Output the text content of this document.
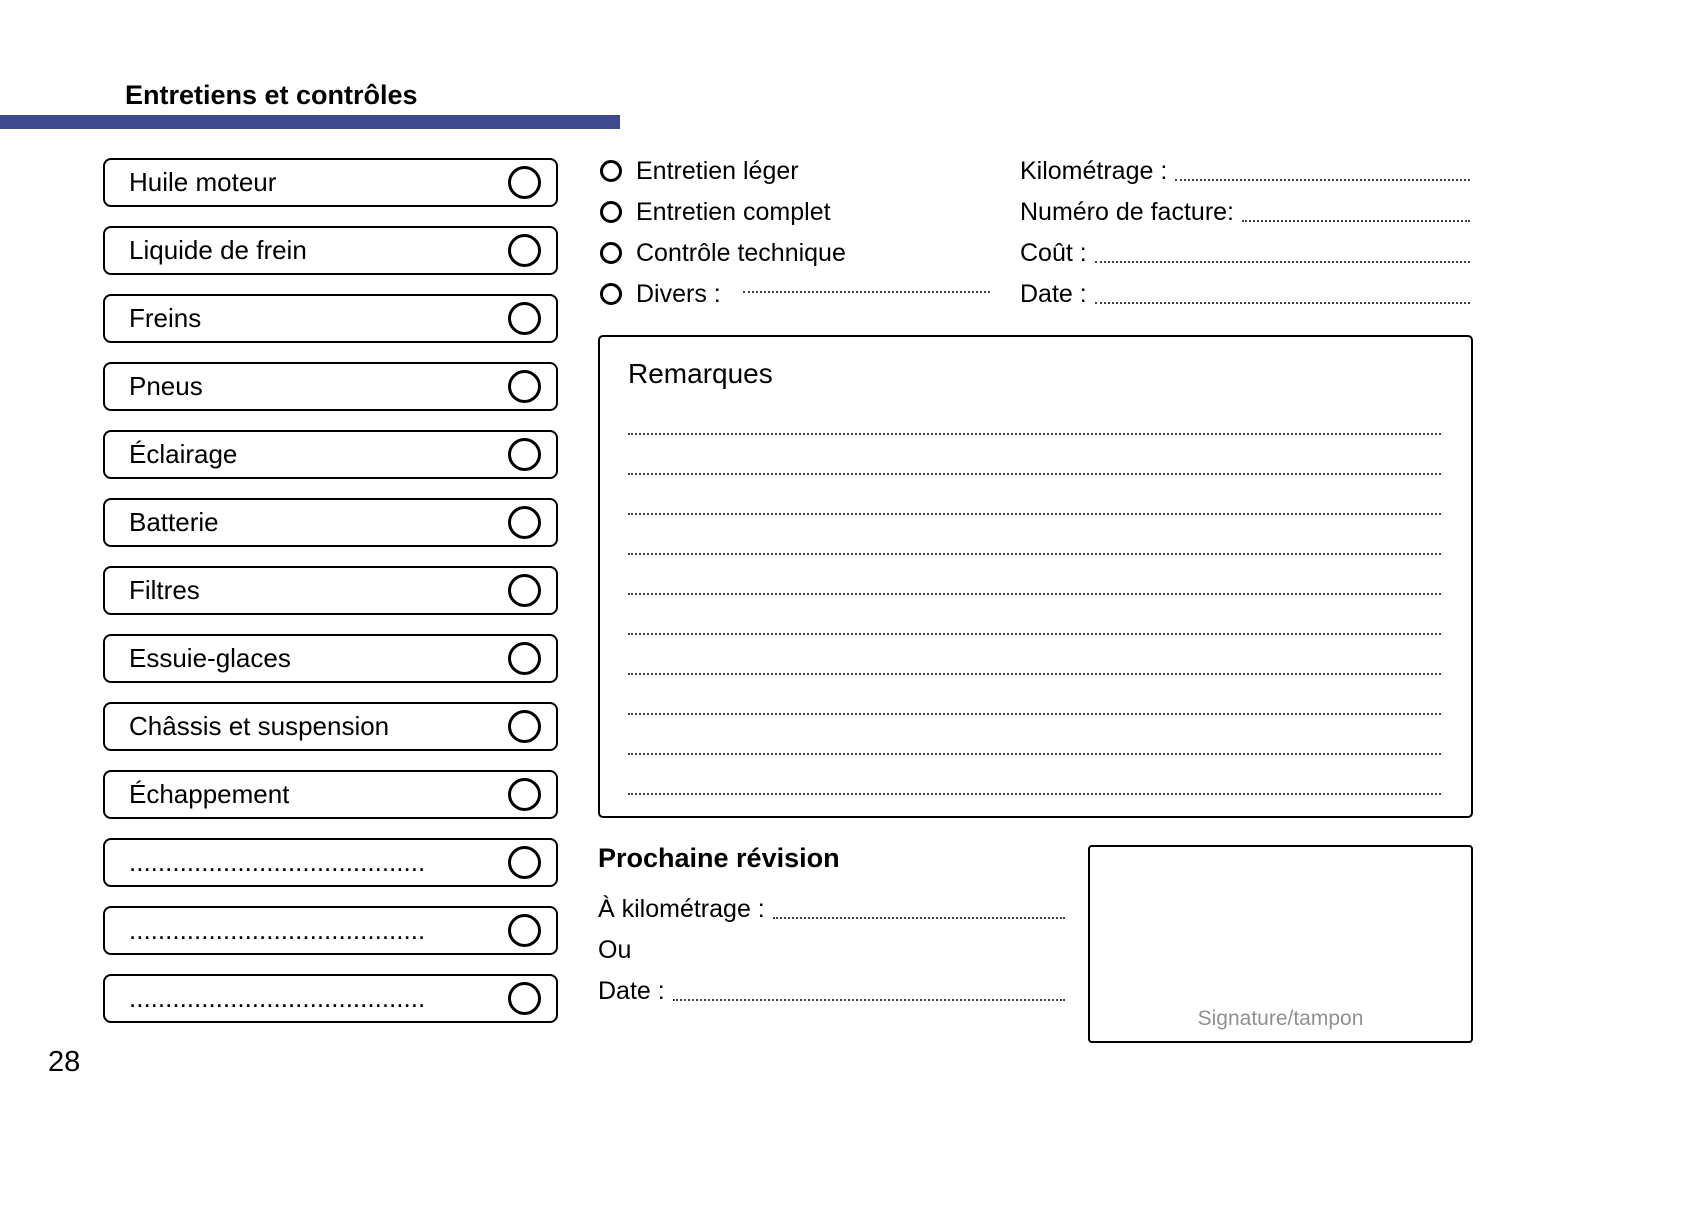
Entretiens et contrôles
Huile moteur
Liquide de frein
Freins
Pneus
Éclairage
Batterie
Filtres
Essuie-glaces
Châssis et suspension
Échappement
.........................................
.........................................
.........................................
Entretien léger
Entretien complet
Contrôle technique
Divers :
Kilométrage :
Numéro de facture:
Coût :
Date :
Remarques
Prochaine révision
À kilométrage :
Ou
Date :
Signature/tampon
28
